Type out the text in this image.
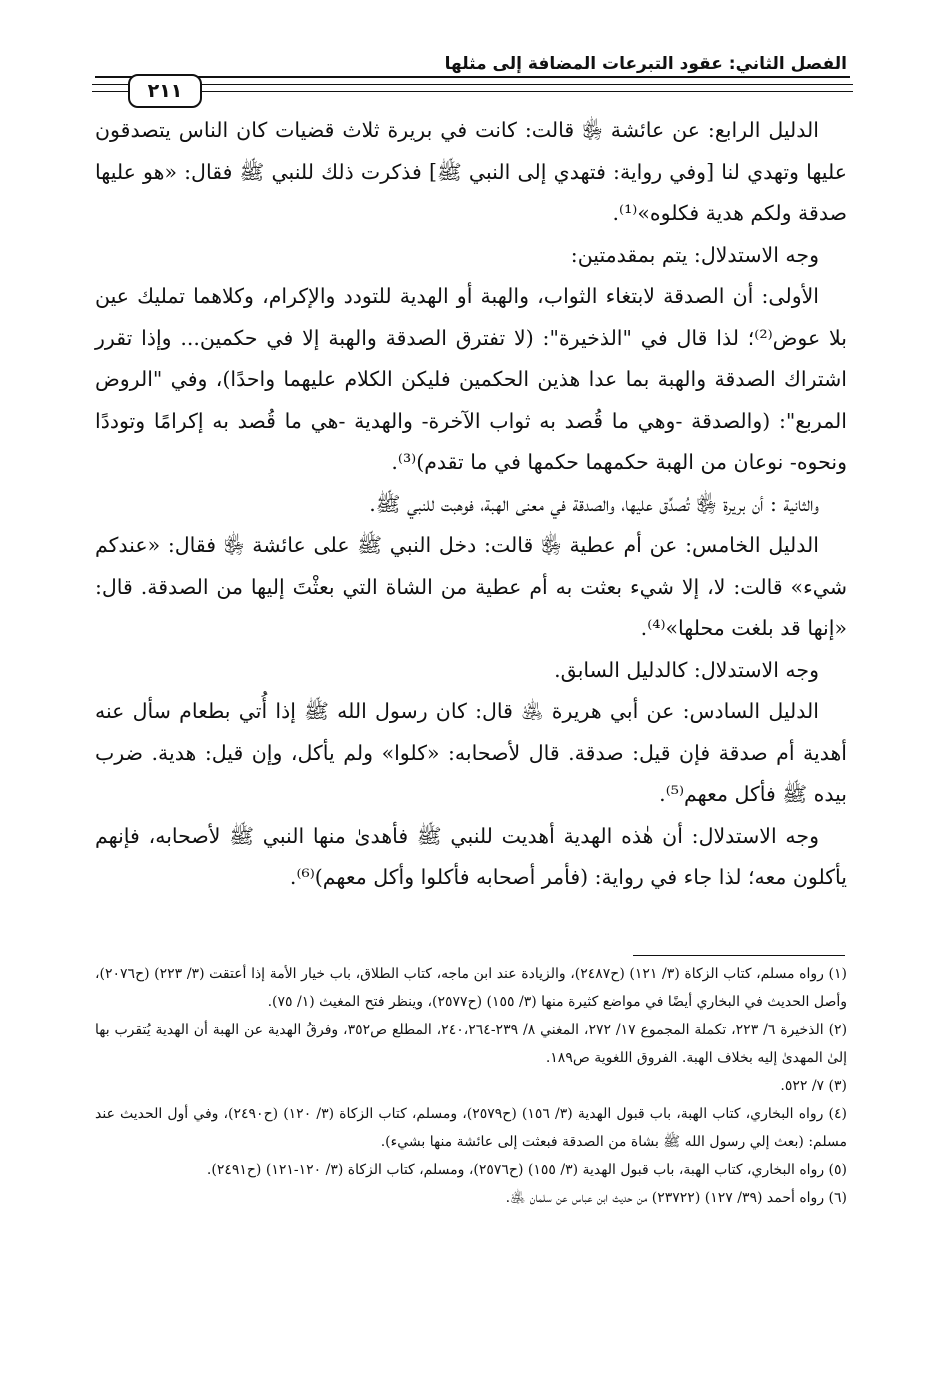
الفصل الثاني: عقود التبرعات المضافة إلى مثلها
٢١١

الدليل الرابع: عن عائشة ﵂ قالت: كانت في بريرة ثلاث قضيات كان الناس يتصدقون عليها وتهدي لنا [وفي رواية: فتهدي إلى النبي ﷺ] فذكرت ذلك للنبي ﷺ فقال: «هو عليها صدقة ولكم هدية فكلوه»⁽¹⁾.

وجه الاستدلال: يتم بمقدمتين:

الأولى: أن الصدقة لابتغاء الثواب، والهبة أو الهدية للتودد والإكرام، وكلاهما تمليك عين بلا عوض⁽²⁾؛ لذا قال في "الذخيرة": (لا تفترق الصدقة والهبة إلا في حكمين... وإذا تقرر اشتراك الصدقة والهبة بما عدا هذين الحكمين فليكن الكلام عليهما واحدًا)، وفي "الروض المربع": (والصدقة -وهي ما قُصد به ثواب الآخرة- والهدية -هي ما قُصد به إكرامًا وتوددًا ونحوه- نوعان من الهبة حكمهما حكمها في ما تقدم)⁽³⁾.

والثانية : أن بريرة ﵂ تُصدِّق عليها، والصدقة في معنى الهبة، فوهبت للنبي ﷺ.

الدليل الخامس: عن أم عطية ﵂ قالت: دخل النبي ﷺ على عائشة ﵂ فقال: «عندكم شيء» قالت: لا، إلا شيء بعثت به أم عطية من الشاة التي بعثْتَ إليها من الصدقة. قال: «إنها قد بلغت محلها»⁽⁴⁾.

وجه الاستدلال: كالدليل السابق.

الدليل السادس: عن أبي هريرة ﵁ قال: كان رسول الله ﷺ إذا أُتي بطعام سأل عنه أهدية أم صدقة فإن قيل: صدقة. قال لأصحابه: «كلوا» ولم يأكل، وإن قيل: هدية. ضرب بيده ﷺ فأكل معهم⁽⁵⁾.

وجه الاستدلال: أن هٰذه الهدية أهديت للنبي ﷺ فأهدىٰ منها النبي ﷺ لأصحابه، فإنهم يأكلون معه؛ لذا جاء في رواية: (فأمر أصحابه فأكلوا وأكل معهم)⁽⁶⁾.

(١) رواه مسلم، كتاب الزكاة (٣/ ١٢١) (ح٢٤٨٧)، والزيادة عند ابن ماجه، كتاب الطلاق، باب خيار الأمة إذا أعتقت (٣/ ٢٢٣) (ح٢٠٧٦)، وأصل الحديث في البخاري أيضًا في مواضع كثيرة منها (٣/ ١٥٥) (ح٢٥٧٧)، وينظر فتح المغيث (١/ ٧٥).

(٢) الذخيرة ٦/ ٢٢٣، تكملة المجموع ١٧/ ٢٧٢، المغني ٨/ ٢٣٩-٢٤٠،٢٦٤، المطلع ص٣٥٢، وفرقُ الهدية عن الهبة أن الهدية يُتقرب بها إلىٰ المهدىٰ إليه بخلاف الهبة. الفروق اللغوية ص١٨٩.

(٣) ٧/ ٥٢٢.

(٤) رواه البخاري، كتاب الهبة، باب قبول الهدية (٣/ ١٥٦) (ح٢٥٧٩)، ومسلم، كتاب الزكاة (٣/ ١٢٠) (ح٢٤٩٠)، وفي أول الحديث عند مسلم: (بعث إلي رسول الله ﷺ بشاة من الصدقة فبعثت إلى عائشة منها بشيء).

(٥) رواه البخاري، كتاب الهبة، باب قبول الهدية (٣/ ١٥٥) (ح٢٥٧٦)، ومسلم، كتاب الزكاة (٣/ ١٢٠-١٢١) (ح٢٤٩١).

(٦) رواه أحمد (٣٩/ ١٢٧) (٢٣٧٢٢) من حديث ابن عباس عن سلمان ﵁.
